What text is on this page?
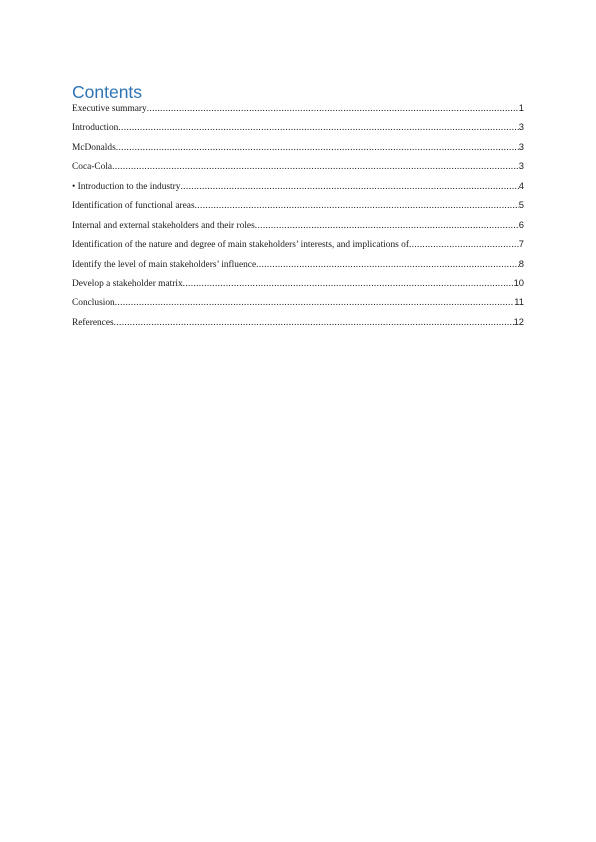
Contents
Executive summary .....	1
Introduction .....	3
McDonalds .....	3
Coca-Cola .....	3
• Introduction to the industry .....	4
Identification of functional areas .....	5
Internal and external stakeholders and their roles .....	6
Identification of the nature and degree of main stakeholders’ interests, and implications of .....	7
Identify the level of main stakeholders’ influence .....	8
Develop a stakeholder matrix .....	10
Conclusion .....	11
References .....	12
